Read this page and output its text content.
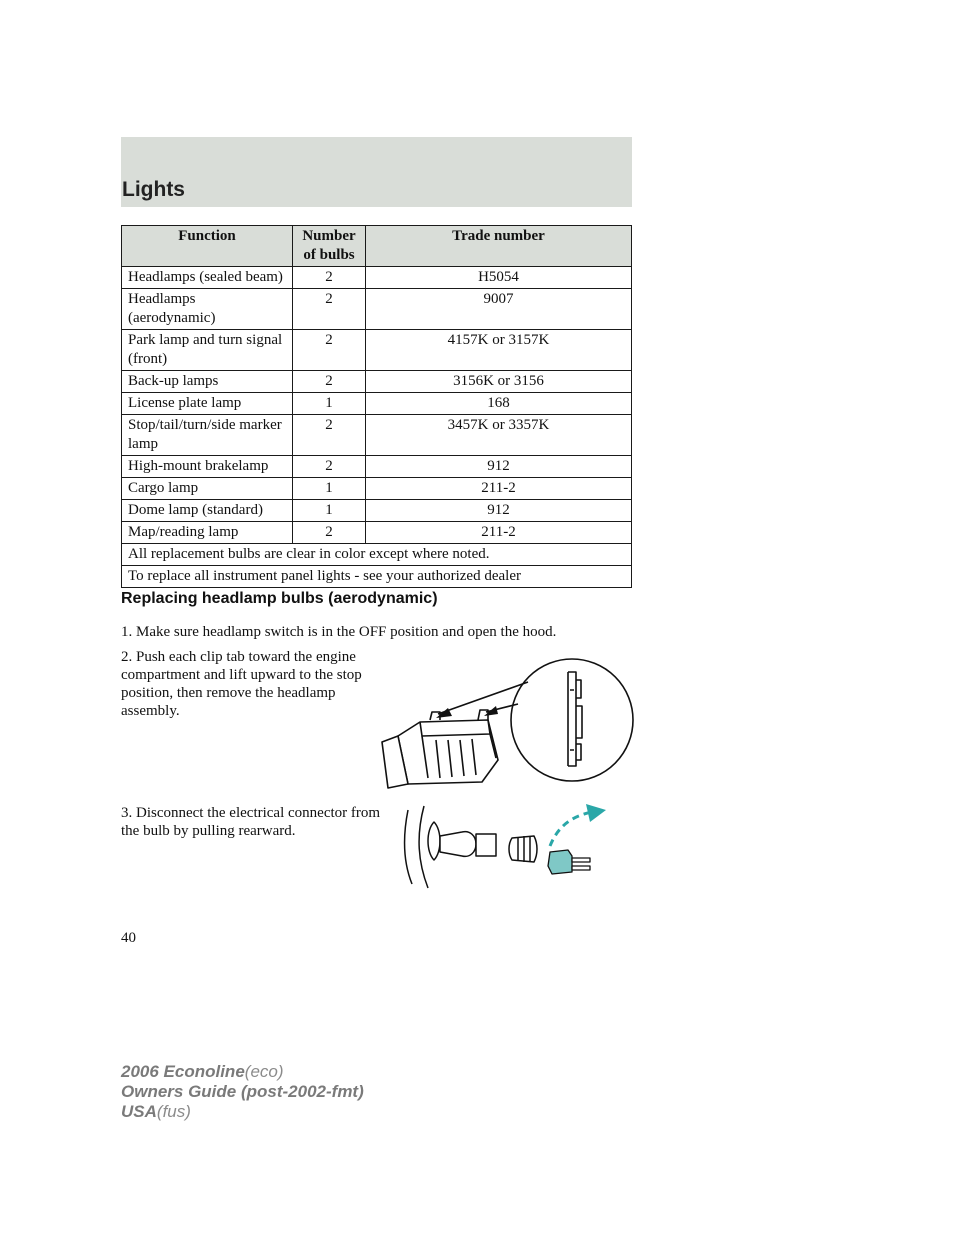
Lights
Function	Number of bulbs	Trade number
Headlamps (sealed beam)	2	H5054
Headlamps (aerodynamic)	2	9007
Park lamp and turn signal (front)	2	4157K or 3157K
Back-up lamps	2	3156K or 3156
License plate lamp	1	168
Stop/tail/turn/side marker lamp	2	3457K or 3357K
High-mount brakelamp	2	912
Cargo lamp	1	211-2
Dome lamp (standard)	1	912
Map/reading lamp	2	211-2
All replacement bulbs are clear in color except where noted.		
To replace all instrument panel lights - see your authorized dealer		
Replacing headlamp bulbs (aerodynamic)
1. Make sure headlamp switch is in the OFF position and open the hood.
2. Push each clip tab toward the engine compartment and lift upward to the stop position, then remove the headlamp assembly.
3. Disconnect the electrical connector from the bulb by pulling rearward.
40
2006 Econoline(eco)
Owners Guide (post-2002-fmt)
USA(fus)
